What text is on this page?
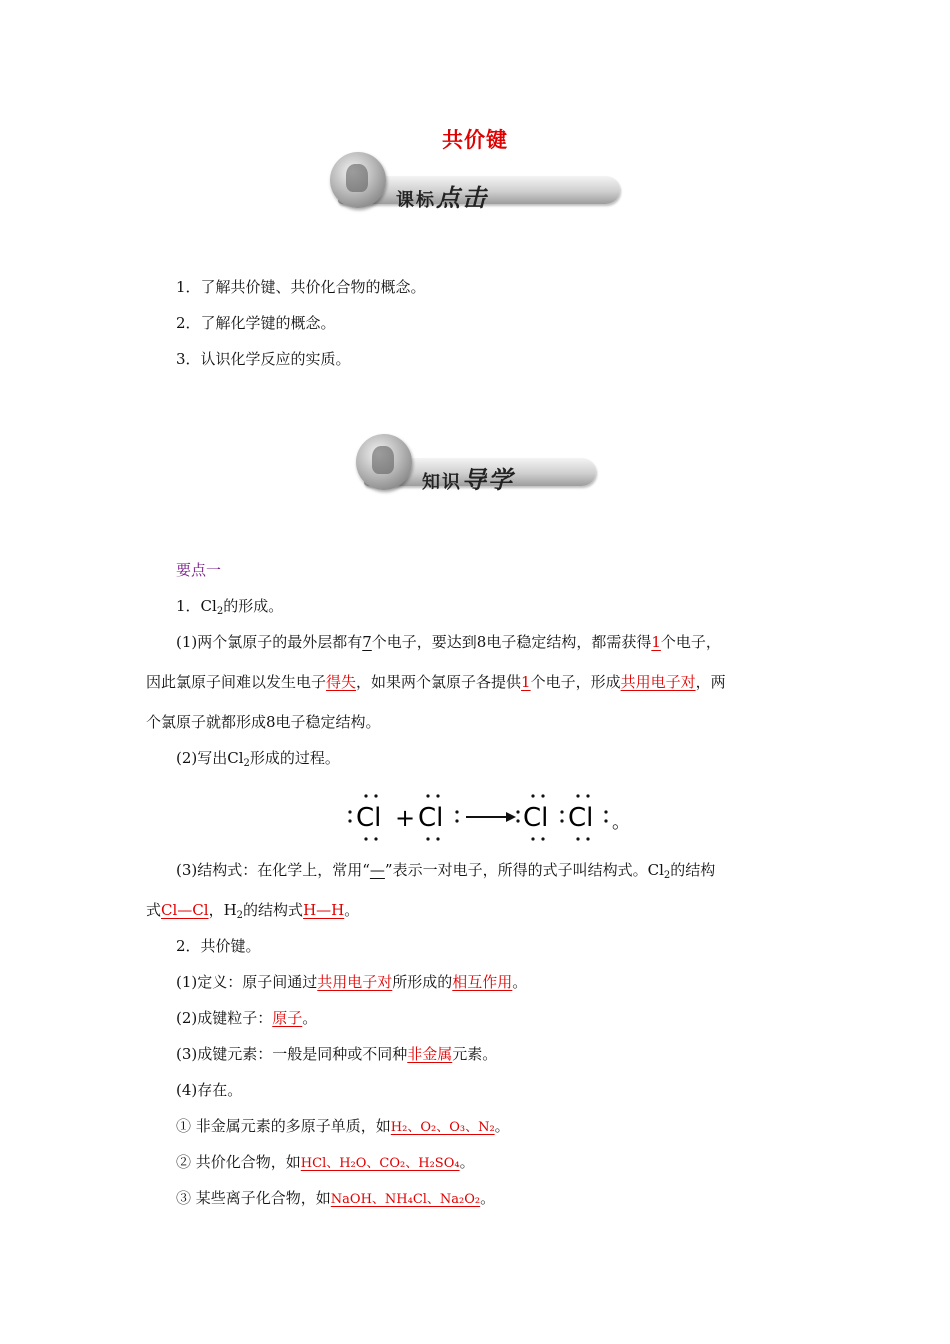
共价键
课标点击
1．了解共价键、共价化合物的概念。
2．了解化学键的概念。
3．认识化学反应的实质。
知识导学
要点一
1．$Cl_2$的形成。
(1)两个氯原子的最外层都有7个电子，要达到8电子稳定结构，都需获得1个电子，
因此氯原子间难以发生电子得失，如果两个氯原子各提供1个电子，形成共用电子对，两
个氯原子就都形成8电子稳定结构。
(2)写出$Cl_2$形成的过程。
Cl + Cl	Cl Cl 。
(3)结构式：在化学上，常用“—”表示一对电子，所得的式子叫结构式。$Cl_2$的结构
式Cl—Cl，$H_2$的结构式H—H。
2．共价键。
(1)定义：原子间通过共用电子对所形成的相互作用。
(2)成键粒子：原子。
(3)成键元素：一般是同种或不同种非金属元素。
(4)存在。
① 非金属元素的多原子单质，如H₂、O₂、O₃、N₂。
② 共价化合物，如HCl、H₂O、CO₂、H₂SO₄。
③ 某些离子化合物，如NaOH、NH₄Cl、Na₂O₂。
